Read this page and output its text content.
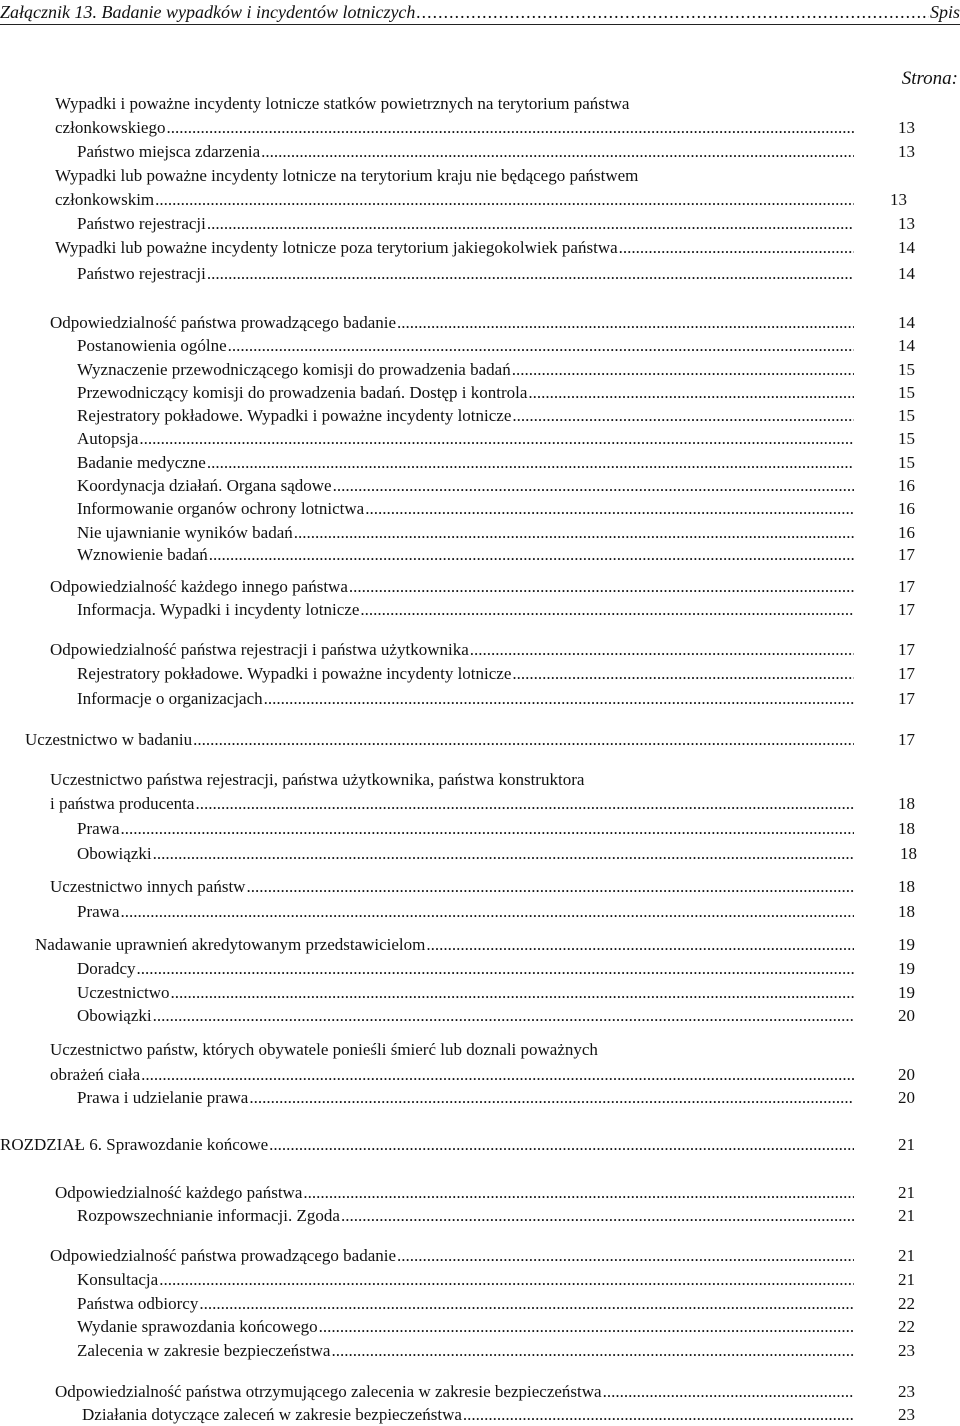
Załącznik 13. Badanie wypadków i incydentów lotniczych .....	Spis
Strona:
Wypadki i poważne incydenty lotnicze statków powietrznych na terytorium państwa
członkowskiego .....	13
Państwo miejsca zdarzenia .....	13
Wypadki lub poważne incydenty lotnicze na terytorium kraju nie będącego państwem
członkowskim .....	13
Państwo rejestracji .....	13
Wypadki lub poważne incydenty lotnicze poza terytorium jakiegokolwiek państwa .....	14
Państwo rejestracji .....	14
Odpowiedzialność państwa prowadzącego badanie .....	14
Postanowienia ogólne .....	14
Wyznaczenie przewodniczącego komisji do prowadzenia badań .....	15
Przewodniczący komisji do prowadzenia badań. Dostęp i kontrola .....	15
Rejestratory pokładowe. Wypadki i poważne incydenty lotnicze .....	15
Autopsja .....	15
Badanie medyczne .....	15
Koordynacja działań. Organa sądowe .....	16
Informowanie organów ochrony lotnictwa .....	16
Nie ujawnianie wyników badań .....	16
Wznowienie badań .....	17
Odpowiedzialność każdego innego państwa .....	17
Informacja. Wypadki i incydenty lotnicze .....	17
Odpowiedzialność państwa rejestracji i państwa użytkownika .....	17
Rejestratory pokładowe. Wypadki i poważne incydenty lotnicze .....	17
Informacje o organizacjach .....	17
Uczestnictwo w badaniu .....	17
Uczestnictwo państwa rejestracji, państwa użytkownika, państwa konstruktora
i państwa producenta .....	18
Prawa .....	18
Obowiązki .....	18
Uczestnictwo innych państw .....	18
Prawa .....	18
Nadawanie uprawnień akredytowanym przedstawicielom .....	19
Doradcy .....	19
Uczestnictwo .....	19
Obowiązki .....	20
Uczestnictwo państw, których obywatele ponieśli śmierć lub doznali poważnych
obrażeń ciała .....	20
Prawa i udzielanie prawa .....	20
ROZDZIAŁ 6. Sprawozdanie końcowe .....	21
Odpowiedzialność każdego państwa .....	21
Rozpowszechnianie informacji. Zgoda .....	21
Odpowiedzialność państwa prowadzącego badanie .....	21
Konsultacja .....	21
Państwa odbiorcy .....	22
Wydanie sprawozdania końcowego .....	22
Zalecenia w zakresie bezpieczeństwa .....	23
Odpowiedzialność państwa otrzymującego zalecenia w zakresie bezpieczeństwa .....	23
Działania dotyczące zaleceń w zakresie bezpieczeństwa .....	23
